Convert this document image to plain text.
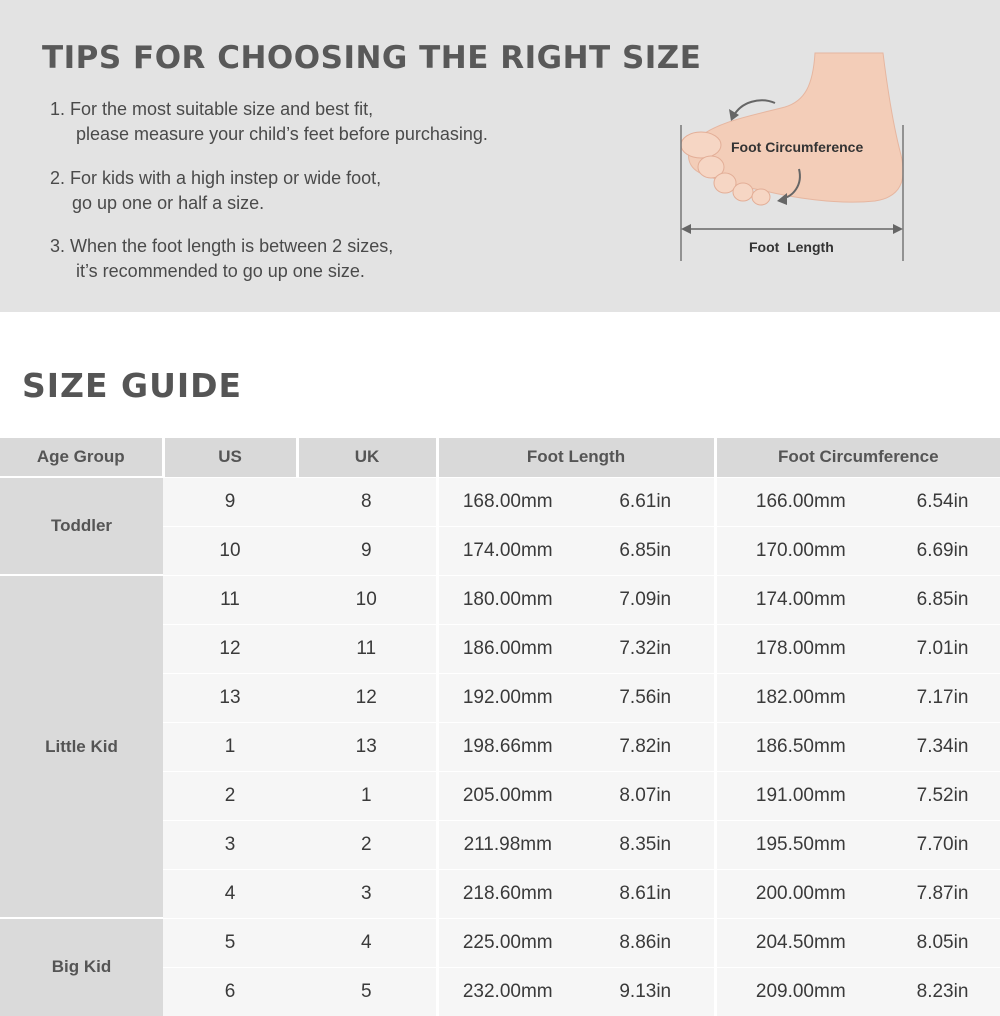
TIPS FOR CHOOSING THE RIGHT SIZE
1. For the most suitable size and best fit,
please measure your child’s feet before purchasing.
2. For kids with a high instep or wide foot,
go up one or half a size.
3. When the foot length is between 2 sizes,
it’s recommended to go up one size.
Foot Circumference
Foot  Length
SIZE GUIDE
Age Group	US	UK	Foot Length		Foot Circumference	
Toddler	9	8	168.00mm	6.61in	166.00mm	6.54in
	10	9	174.00mm	6.85in	170.00mm	6.69in
Little Kid	11	10	180.00mm	7.09in	174.00mm	6.85in
	12	11	186.00mm	7.32in	178.00mm	7.01in
	13	12	192.00mm	7.56in	182.00mm	7.17in
	1	13	198.66mm	7.82in	186.50mm	7.34in
	2	1	205.00mm	8.07in	191.00mm	7.52in
	3	2	211.98mm	8.35in	195.50mm	7.70in
	4	3	218.60mm	8.61in	200.00mm	7.87in
Big Kid	5	4	225.00mm	8.86in	204.50mm	8.05in
	6	5	232.00mm	9.13in	209.00mm	8.23in
